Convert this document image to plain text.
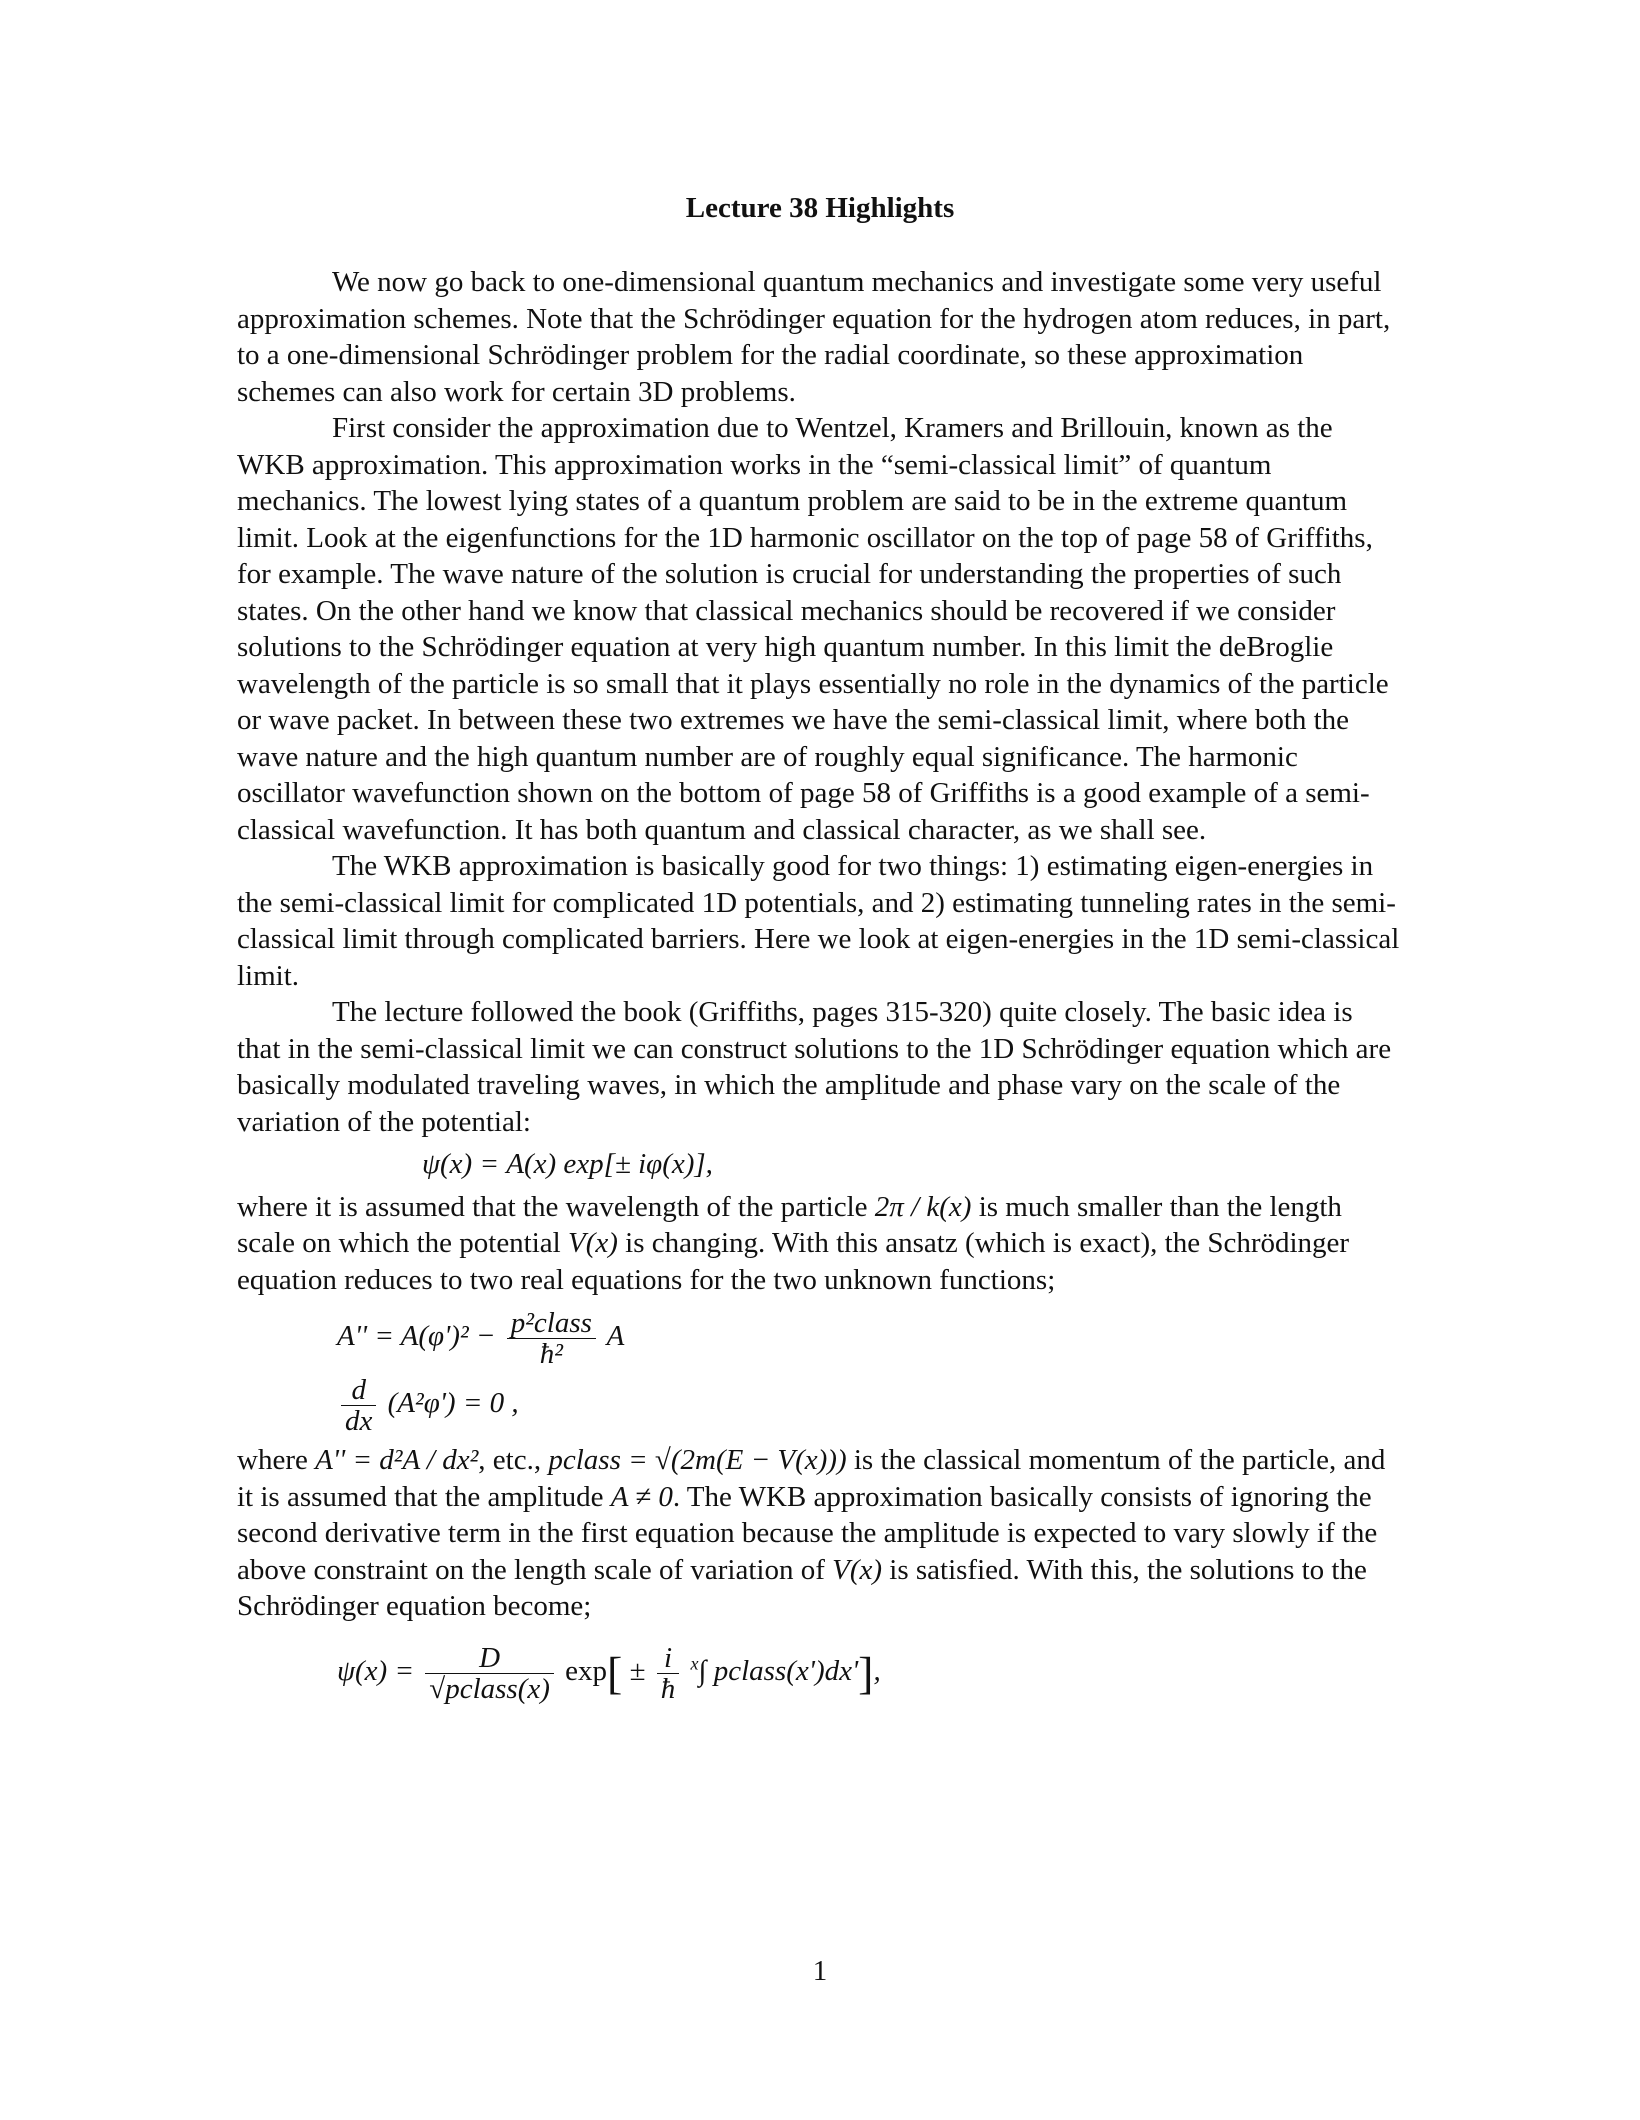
Lecture 38 Highlights

We now go back to one-dimensional quantum mechanics and investigate some very useful approximation schemes. Note that the Schrödinger equation for the hydrogen atom reduces, in part, to a one-dimensional Schrödinger problem for the radial coordinate, so these approximation schemes can also work for certain 3D problems.

First consider the approximation due to Wentzel, Kramers and Brillouin, known as the WKB approximation. This approximation works in the “semi-classical limit” of quantum mechanics. The lowest lying states of a quantum problem are said to be in the extreme quantum limit. Look at the eigenfunctions for the 1D harmonic oscillator on the top of page 58 of Griffiths, for example. The wave nature of the solution is crucial for understanding the properties of such states. On the other hand we know that classical mechanics should be recovered if we consider solutions to the Schrödinger equation at very high quantum number. In this limit the deBroglie wavelength of the particle is so small that it plays essentially no role in the dynamics of the particle or wave packet. In between these two extremes we have the semi-classical limit, where both the wave nature and the high quantum number are of roughly equal significance. The harmonic oscillator wavefunction shown on the bottom of page 58 of Griffiths is a good example of a semi-classical wavefunction. It has both quantum and classical character, as we shall see.

The WKB approximation is basically good for two things: 1) estimating eigen-energies in the semi-classical limit for complicated 1D potentials, and 2) estimating tunneling rates in the semi-classical limit through complicated barriers. Here we look at eigen-energies in the 1D semi-classical limit.

The lecture followed the book (Griffiths, pages 315-320) quite closely. The basic idea is that in the semi-classical limit we can construct solutions to the 1D Schrödinger equation which are basically modulated traveling waves, in which the amplitude and phase vary on the scale of the variation of the potential:

ψ(x) = A(x) exp[± iφ(x)],

where it is assumed that the wavelength of the particle 2π / k(x) is much smaller than the length scale on which the potential V(x) is changing. With this ansatz (which is exact), the Schrödinger equation reduces to two real equations for the two unknown functions;

$A'' = A(\varphi')^2 - \frac{\text{p²class}}{\text{ħ²}}$ A
$\frac{d}{dx} (A^2\varphi') = 0$ ,

where A'' = d²A / dx², etc., pclass = √(2m(E − V(x))) is the classical momentum of the particle, and it is assumed that the amplitude A ≠ 0. The WKB approximation basically consists of ignoring the second derivative term in the first equation because the amplitude is expected to vary slowly if the above constraint on the length scale of variation of V(x) is satisfied. With this, the solutions to the Schrödinger equation become;

$\psi(x) = \frac{D}{\text{√pclass(x)}} \exp[ \pm \frac{i}{ħ} ^x\int$ pclass(x')dx'],
1
